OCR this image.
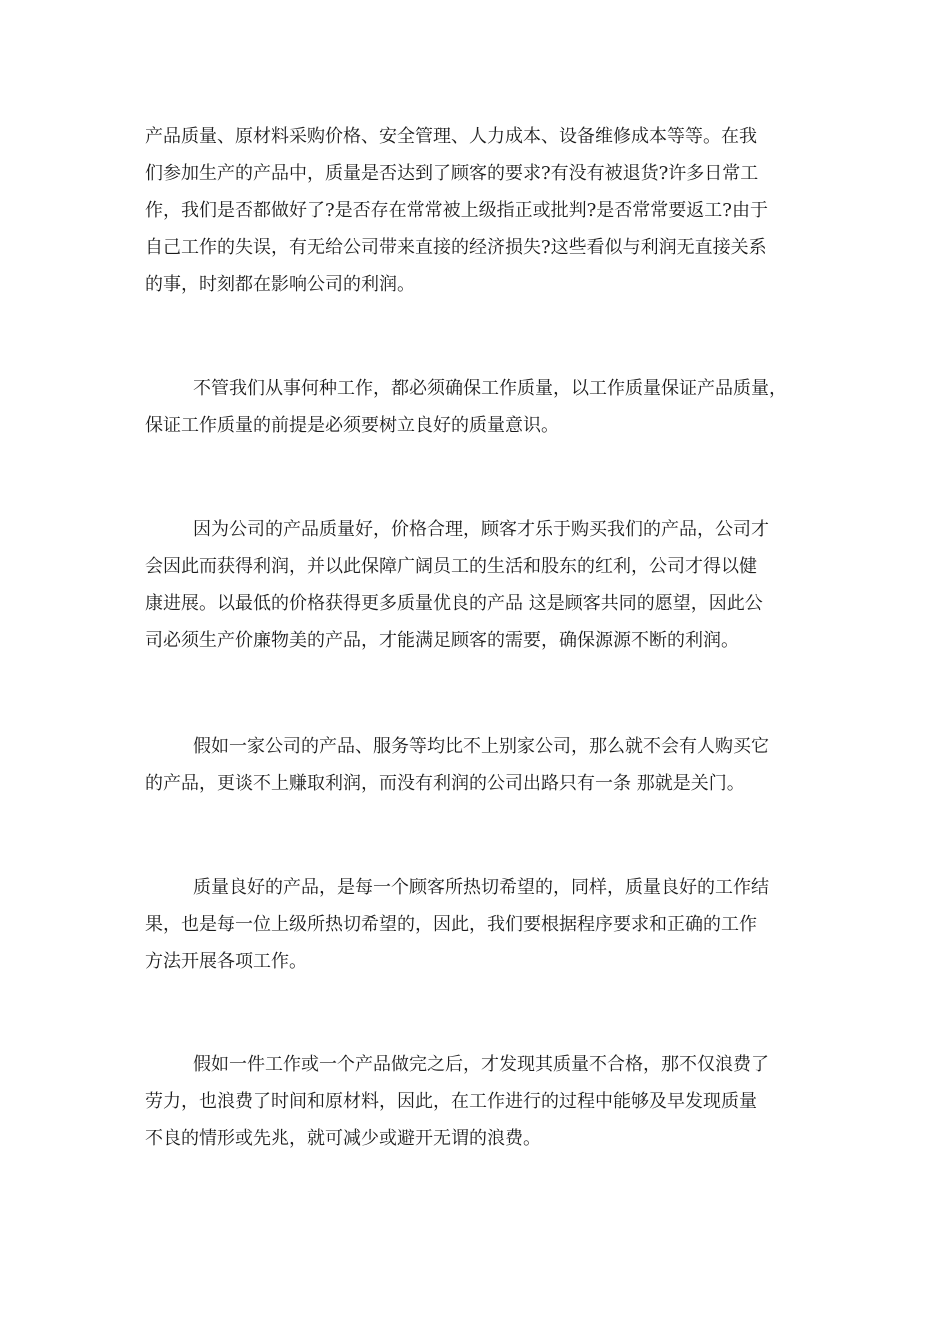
产品质量、原材料采购价格、安全管理、人力成本、设备维修成本等等。在我
们参加生产的产品中，质量是否达到了顾客的要求?有没有被退货?许多日常工
作，我们是否都做好了?是否存在常常被上级指正或批判?是否常常要返工?由于
自己工作的失误，有无给公司带来直接的经济损失?这些看似与利润无直接关系
的事，时刻都在影响公司的利润。

不管我们从事何种工作，都必须确保工作质量，以工作质量保证产品质量，
保证工作质量的前提是必须要树立良好的质量意识。

因为公司的产品质量好，价格合理，顾客才乐于购买我们的产品，公司才
会因此而获得利润，并以此保障广阔员工的生活和股东的红利，公司才得以健
康进展。以最低的价格获得更多质量优良的产品 这是顾客共同的愿望，因此公
司必须生产价廉物美的产品，才能满足顾客的需要，确保源源不断的利润。

假如一家公司的产品、服务等均比不上别家公司，那么就不会有人购买它
的产品，更谈不上赚取利润，而没有利润的公司出路只有一条 那就是关门。

质量良好的产品，是每一个顾客所热切希望的，同样，质量良好的工作结
果，也是每一位上级所热切希望的，因此，我们要根据程序要求和正确的工作
方法开展各项工作。

假如一件工作或一个产品做完之后，才发现其质量不合格，那不仅浪费了
劳力，也浪费了时间和原材料，因此，在工作进行的过程中能够及早发现质量
不良的情形或先兆，就可减少或避开无谓的浪费。
